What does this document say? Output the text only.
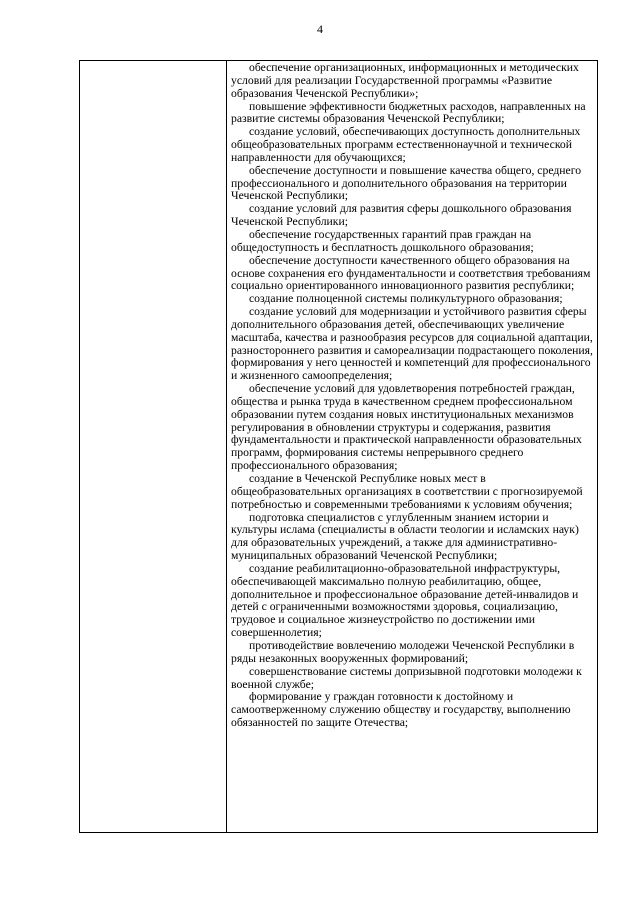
4

обеспечение организационных, информационных и методических условий для реализации Государственной программы «Развитие образования Чеченской Республики»;

повышение эффективности бюджетных расходов, направленных на развитие системы образования Чеченской Республики;

создание условий, обеспечивающих доступность дополнительных общеобразовательных программ естественнонаучной и технической направленности для обучающихся;

обеспечение доступности и повышение качества общего, среднего профессионального и дополнительного образования на территории Чеченской Республики;

создание условий для развития сферы дошкольного образования Чеченской Республики;

обеспечение государственных гарантий прав граждан на общедоступность и бесплатность дошкольного образования;

обеспечение доступности качественного общего образования на основе сохранения его фундаментальности и соответствия требованиям социально ориентированного инновационного развития республики;

создание полноценной системы поликультурного образования;

создание условий для модернизации и устойчивого развития сферы дополнительного образования детей, обеспечивающих увеличение масштаба, качества и разнообразия ресурсов для социальной адаптации, разностороннего развития и самореализации подрастающего поколения, формирования у него ценностей и компетенций для профессионального и жизненного самоопределения;

обеспечение условий для удовлетворения потребностей граждан, общества и рынка труда в качественном среднем профессиональном образовании путем создания новых институциональных механизмов регулирования в обновлении структуры и содержания, развития фундаментальности и практической направленности образовательных программ, формирования системы непрерывного среднего профессионального образования;

создание в Чеченской Республике новых мест в общеобразовательных организациях в соответствии с прогнозируемой потребностью и современными требованиями к условиям обучения;

подготовка специалистов с углубленным знанием истории и культуры ислама (специалисты в области теологии и исламских наук) для образовательных учреждений, а также для административно-муниципальных образований Чеченской Республики;

создание реабилитационно-образовательной инфраструктуры, обеспечивающей максимально полную реабилитацию, общее, дополнительное и профессиональное образование детей-инвалидов и детей с ограниченными возможностями здоровья, социализацию, трудовое и социальное жизнеустройство по достижении ими совершеннолетия;

противодействие вовлечению молодежи Чеченской Республики в ряды незаконных вооруженных формирований;

совершенствование системы допризывной подготовки молодежи к военной службе;

формирование у граждан готовности к достойному и самоотверженному служению обществу и государству, выполнению обязанностей по защите Отечества;
